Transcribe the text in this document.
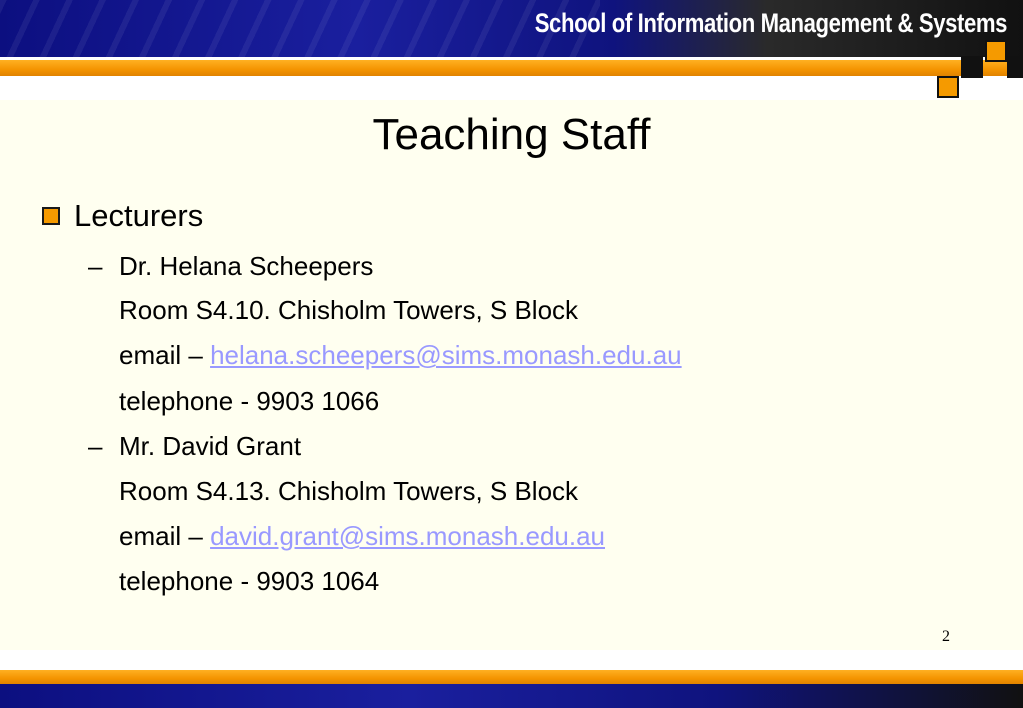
School of Information Management & Systems
Teaching Staff
Lecturers
– Dr. Helana Scheepers
Room S4.10. Chisholm Towers, S Block
email – helana.scheepers@sims.monash.edu.au
telephone - 9903 1066
– Mr. David Grant
Room S4.13. Chisholm Towers, S Block
email – david.grant@sims.monash.edu.au
telephone - 9903 1064
2
